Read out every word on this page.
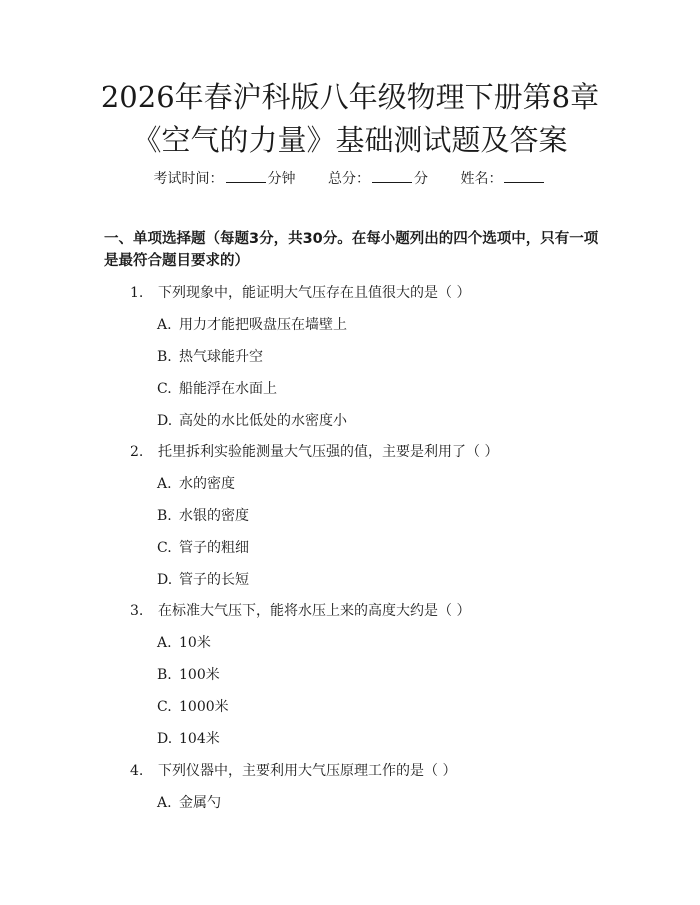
2026年春沪科版八年级物理下册第8章《空气的力量》基础测试题及答案
考试时间：	分钟 总分：	分 姓名：

一、单项选择题（每题3分，共30分。在每小题列出的四个选项中，只有一项是最符合题目要求的）

1. 下列现象中，能证明大气压存在且值很大的是（ ）
A. 用力才能把吸盘压在墙壁上
B. 热气球能升空
C. 船能浮在水面上
D. 高处的水比低处的水密度小
2. 托里拆利实验能测量大气压强的值，主要是利用了（ ）
A. 水的密度
B. 水银的密度
C. 管子的粗细
D. 管子的长短
3. 在标准大气压下，能将水压上来的高度大约是（ ）
A. 10米
B. 100米
C. 1000米
D. 104米
4. 下列仪器中，主要利用大气压原理工作的是（ ）
A. 金属勺
